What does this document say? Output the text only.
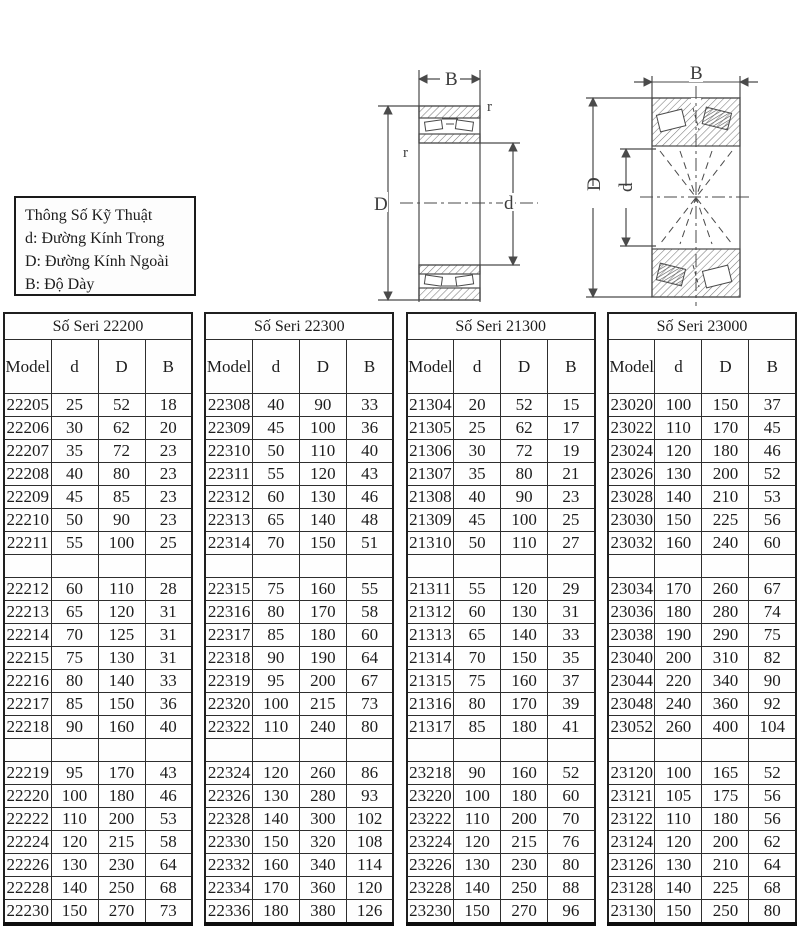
Thông Số Kỹ Thuật
d: Đường Kính Trong
D: Đường Kính Ngoài
B: Độ Dày
B
D	d
r
r
B
D d
Số Seri 22200			
Model	d	D	B
22205	25	52	18
22206	30	62	20
22207	35	72	23
22208	40	80	23
22209	45	85	23
22210	50	90	23
22211	55	100	25

22212	60	110	28
22213	65	120	31
22214	70	125	31
22215	75	130	31
22216	80	140	33
22217	85	150	36
22218	90	160	40

22219	95	170	43
22220	100	180	46
22222	110	200	53
22224	120	215	58
22226	130	230	64
22228	140	250	68
22230	150	270	73
Số Seri 22300			
Model	d	D	B
22308	40	90	33
22309	45	100	36
22310	50	110	40
22311	55	120	43
22312	60	130	46
22313	65	140	48
22314	70	150	51

22315	75	160	55
22316	80	170	58
22317	85	180	60
22318	90	190	64
22319	95	200	67
22320	100	215	73
22322	110	240	80

22324	120	260	86
22326	130	280	93
22328	140	300	102
22330	150	320	108
22332	160	340	114
22334	170	360	120
22336	180	380	126
Số Seri 21300			
Model	d	D	B
21304	20	52	15
21305	25	62	17
21306	30	72	19
21307	35	80	21
21308	40	90	23
21309	45	100	25
21310	50	110	27

21311	55	120	29
21312	60	130	31
21313	65	140	33
21314	70	150	35
21315	75	160	37
21316	80	170	39
21317	85	180	41

23218	90	160	52
23220	100	180	60
23222	110	200	70
23224	120	215	76
23226	130	230	80
23228	140	250	88
23230	150	270	96
Số Seri 23000			
Model	d	D	B
23020	100	150	37
23022	110	170	45
23024	120	180	46
23026	130	200	52
23028	140	210	53
23030	150	225	56
23032	160	240	60

23034	170	260	67
23036	180	280	74
23038	190	290	75
23040	200	310	82
23044	220	340	90
23048	240	360	92
23052	260	400	104

23120	100	165	52
23121	105	175	56
23122	110	180	56
23124	120	200	62
23126	130	210	64
23128	140	225	68
23130	150	250	80
